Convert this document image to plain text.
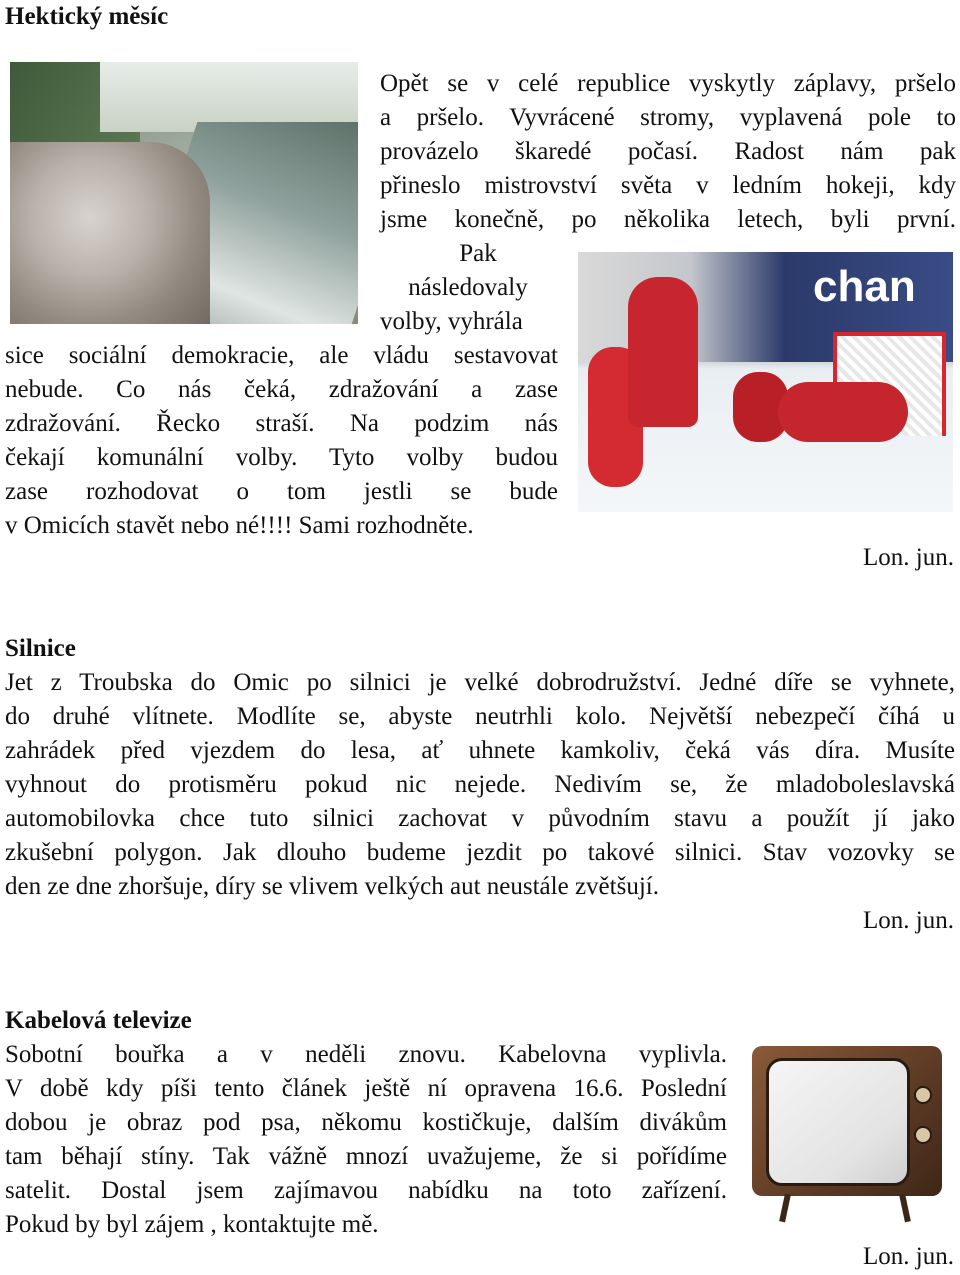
Hektický měsíc
Opět se v celé republice vyskytly záplavy, pršelo
a pršelo. Vyvrácené stromy, vyplavená pole to
provázelo škaredé počasí. Radost nám pak
přineslo mistrovství světa v ledním hokeji, kdy
jsme konečně, po několika letech, byli první.
Pak
následovaly
volby, vyhrála
sice sociální demokracie, ale vládu sestavovat
nebude. Co nás čeká, zdražování a zase
zdražování. Řecko straší. Na podzim nás
čekají komunální volby. Tyto volby budou
zase rozhodovat o tom jestli se bude
v Omicích stavět nebo né!!!! Sami rozhodněte.
chan
Lon. jun.
Silnice
Jet z Troubska do Omic po silnici je velké dobrodružství. Jedné díře se vyhnete,
do druhé vlítnete. Modlíte se, abyste neutrhli kolo. Největší nebezpečí číhá u
zahrádek před vjezdem do lesa, ať uhnete kamkoliv, čeká vás díra. Musíte
vyhnout do protisměru pokud nic nejede. Nedivím se, že mladoboleslavská
automobilovka chce tuto silnici zachovat v původním stavu a použít jí jako
zkušební polygon. Jak dlouho budeme jezdit po takové silnici. Stav vozovky se
den ze dne zhoršuje, díry se vlivem velkých aut neustále zvětšují.
Lon. jun.
Kabelová televize
Sobotní bouřka a v neděli znovu. Kabelovna vyplivla.
V době kdy píši tento článek ještě ní opravena 16.6. Poslední
dobou je obraz pod psa, někomu kostičkuje, dalším divákům
tam běhají stíny. Tak vážně mnozí uvažujeme, že si pořídíme
satelit. Dostal jsem zajímavou nabídku na toto zařízení.
Pokud by byl zájem , kontaktujte mě.
Lon. jun.
